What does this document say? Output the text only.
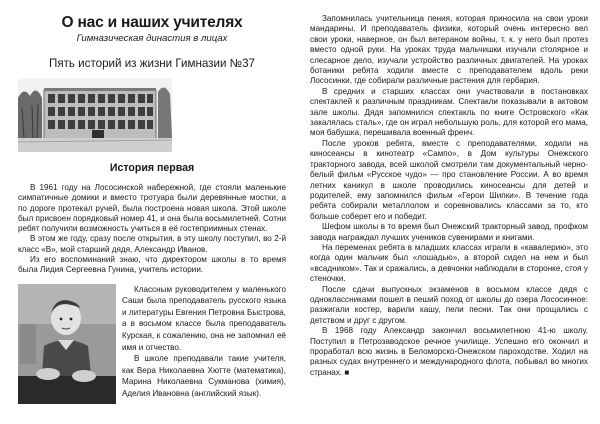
О нас и наших учителях

Гимназическая династия в лицах

Пять историй из жизни Гимназии №37

История первая

В 1961 году на Лососинской набережной, где стояли маленькие симпатичные домики и вместо тротуара были деревянные мостки, а по дороге протекал ручей, была построена новая школа. Этой школе был присвоен порядковый номер 41, и она была восьмилетней. Сотни ребят получили возможность учиться в её гостеприимных стенах.

В этом же году, сразу после открытия, в эту школу поступил, во 2-й класс «В», мой старший дядя, Александр Иванов.

Из его воспоминаний знаю, что директором школы в то время была Лидия Сергеевна Гунина, учитель истории.

Классным руководителем у маленького Саши была преподаватель русского языка и литературы Евгения Петровна Быстрова, а в восьмом классе была преподаватель Курская, к сожалению, она не запомнил её имя и отчество.

В школе преподавали такие учителя, как Вера Николаевна Хютте (математика), Марина Николаевна Сукманова (химия), Аделия Ивановна (английский язык).

Запомнилась учительница пения, которая приносила на свои уроки мандарины. И преподаватель физики, который очень интересно вел свои уроки, наверное, он был ветераном войны, т. к. у него был протез вместо одной руки. На уроках труда мальчишки изучали столярное и слесарное дело, изучали устройство различных двигателей. На уроках ботаники ребята ходили вместе с преподавателем вдоль реки Лососинки, где собирали различные растения для гербария.

В средних и старших классах они участвовали в постановках спектаклей к различным праздникам. Спектакли показывали в актовом зале школы. Дядя запомнился спектакль по книге Островского «Как закалялась сталь», где он играл небольшую роль, для которой его мама, моя бабушка, перешивала военный френч.

После уроков ребята, вместе с преподавателями, ходили на киносеансы в кинотеатр «Сампо», в Дом культуры Онежского тракторного завода, всей школой смотрели там документальный черно-белый фильм «Русское чудо» — про становление России. А во время летних каникул в школе проводились киносеансы для детей и родителей, ему запомнился фильм «Герои Шипки». В течение года ребята собирали металлолом и соревновались классами за то, кто больше соберет его и победит.

Шефом школы в то время был Онежский тракторный завод, профком завода награждал лучших учеников сувенирами и книгами.

На переменах ребята в младших классах играли в «кавалерию», это когда один мальчик был «лошадью», а второй сидел на нем и был «всадником». Так и сражались, а девчонки наблюдали в сторонке, стоя у стеночки.

После сдачи выпускных экзаменов в восьмом классе дядя с одноклассниками пошел в пеший поход от школы до озера Лососинное: разжигали костер, варили кашу, пели песни. Так они прощались с детством и друг с другом.

В 1968 году Александр закончил восьмилетнюю 41-ю школу. Поступил в Петрозаводское речное училище. Успешно его окончил и проработал всю жизнь в Беломорско-Онежском пароходстве. Ходил на разных судах внутреннего и международного флота, побывал во многих странах. ■
